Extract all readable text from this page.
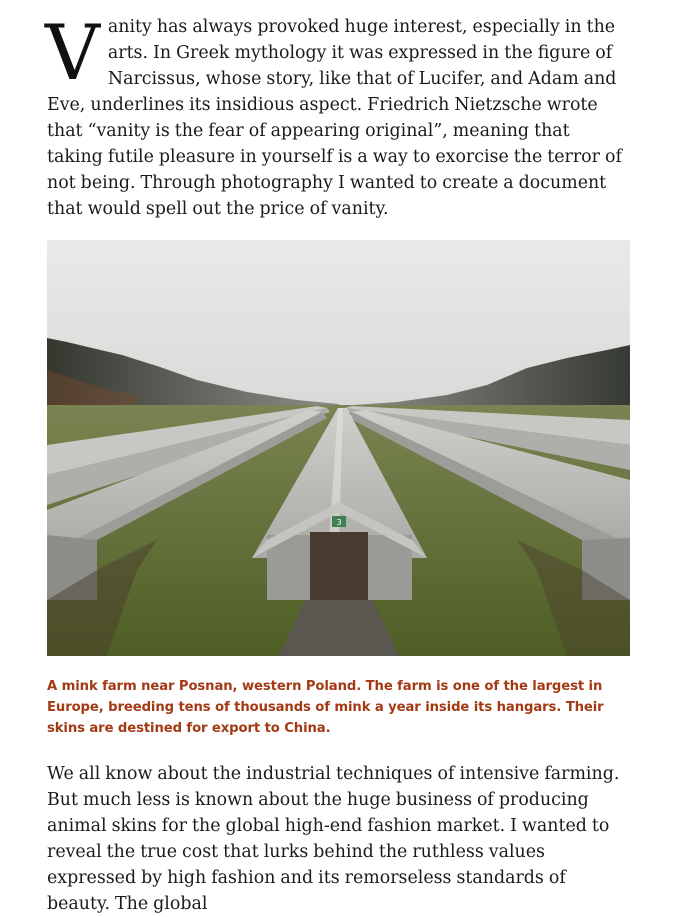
V anity has always provoked huge interest, especially in the arts. In Greek mythology it was expressed in the figure of Narcissus, whose story, like that of Lucifer, and Adam and Eve, underlines its insidious aspect. Friedrich Nietzsche wrote that “vanity is the fear of appearing original”, meaning that taking futile pleasure in yourself is a way to exorcise the terror of not being. Through photography I wanted to create a document that would spell out the price of vanity.

3

A mink farm near Posnan, western Poland. The farm is one of the largest in Europe, breeding tens of thousands of mink a year inside its hangars. Their skins are destined for export to China.

We all know about the industrial techniques of intensive farming. But much less is known about the huge business of producing animal skins for the global high-end fashion market. I wanted to reveal the true cost that lurks behind the ruthless values expressed by high fashion and its remorseless standards of beauty. The global
